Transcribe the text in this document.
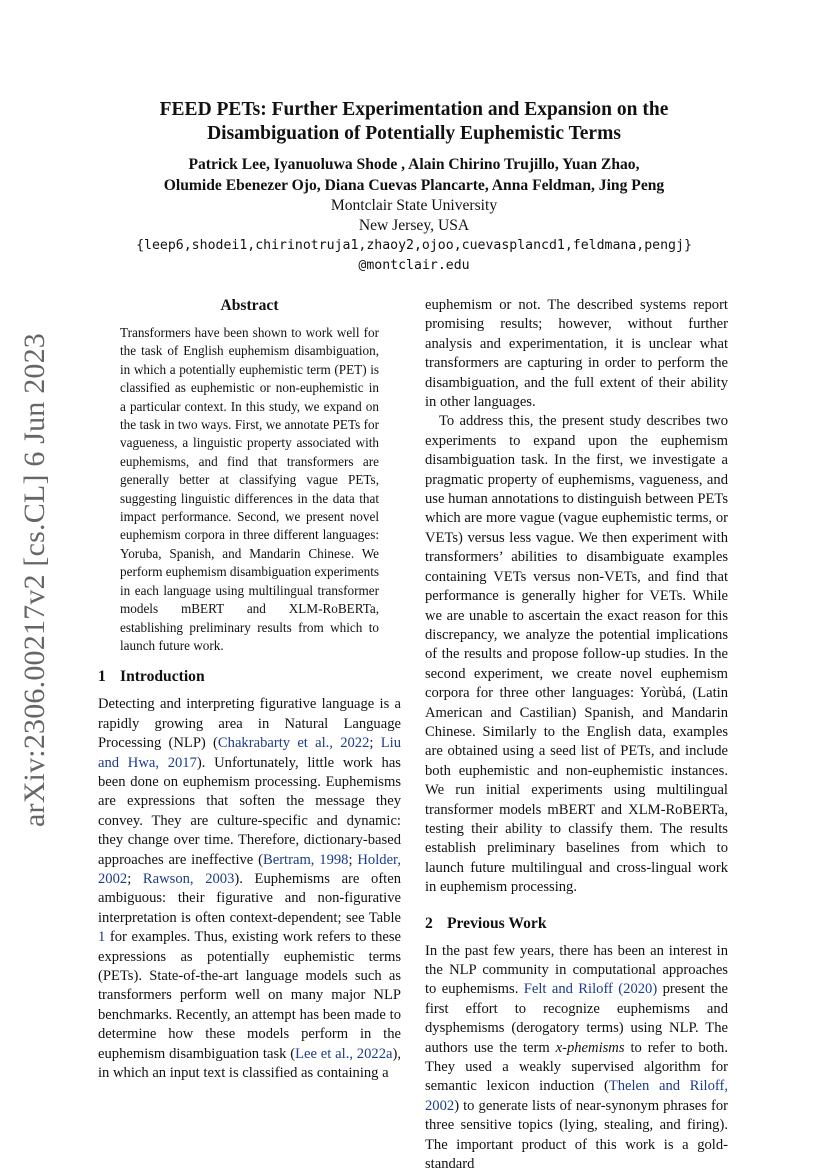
arXiv:2306.00217v2 [cs.CL] 6 Jun 2023
FEED PETs: Further Experimentation and Expansion on the
Disambiguation of Potentially Euphemistic Terms
Patrick Lee, Iyanuoluwa Shode , Alain Chirino Trujillo, Yuan Zhao,
Olumide Ebenezer Ojo, Diana Cuevas Plancarte, Anna Feldman, Jing Peng
Montclair State University
New Jersey, USA
{leep6,shodei1,chirinotruja1,zhaoy2,ojoo,cuevasplancd1,feldmana,pengj}
@montclair.edu
Abstract
Transformers have been shown to work well for the task of English euphemism disambiguation, in which a potentially euphemistic term (PET) is classified as euphemistic or non-euphemistic in a particular context. In this study, we expand on the task in two ways. First, we annotate PETs for vagueness, a linguistic property associated with euphemisms, and find that transformers are generally better at classifying vague PETs, suggesting linguistic differences in the data that impact performance. Second, we present novel euphemism corpora in three different languages: Yoruba, Spanish, and Mandarin Chinese. We perform euphemism disambiguation experiments in each language using multilingual transformer models mBERT and XLM-RoBERTa, establishing preliminary results from which to launch future work.
1 Introduction

Detecting and interpreting figurative language is a rapidly growing area in Natural Language Processing (NLP) (Chakrabarty et al., 2022; Liu and Hwa, 2017). Unfortunately, little work has been done on euphemism processing. Euphemisms are expressions that soften the message they convey. They are culture-specific and dynamic: they change over time. Therefore, dictionary-based approaches are ineffective (Bertram, 1998; Holder, 2002; Rawson, 2003). Euphemisms are often ambiguous: their figurative and non-figurative interpretation is often context-dependent; see Table 1 for examples. Thus, existing work refers to these expressions as potentially euphemistic terms (PETs). State-of-the-art language models such as transformers perform well on many major NLP benchmarks. Recently, an attempt has been made to determine how these models perform in the euphemism disambiguation task (Lee et al., 2022a), in which an input text is classified as containing a

euphemism or not. The described systems report promising results; however, without further analysis and experimentation, it is unclear what transformers are capturing in order to perform the disambiguation, and the full extent of their ability in other languages.

To address this, the present study describes two experiments to expand upon the euphemism disambiguation task. In the first, we investigate a pragmatic property of euphemisms, vagueness, and use human annotations to distinguish between PETs which are more vague (vague euphemistic terms, or VETs) versus less vague. We then experiment with transformers’ abilities to disambiguate examples containing VETs versus non-VETs, and find that performance is generally higher for VETs. While we are unable to ascertain the exact reason for this discrepancy, we analyze the potential implications of the results and propose follow-up studies. In the second experiment, we create novel euphemism corpora for three other languages: Yorùbá, (Latin American and Castilian) Spanish, and Mandarin Chinese. Similarly to the English data, examples are obtained using a seed list of PETs, and include both euphemistic and non-euphemistic instances. We run initial experiments using multilingual transformer models mBERT and XLM-RoBERTa, testing their ability to classify them. The results establish preliminary baselines from which to launch future multilingual and cross-lingual work in euphemism processing.

2 Previous Work

In the past few years, there has been an interest in the NLP community in computational approaches to euphemisms. Felt and Riloff (2020) present the first effort to recognize euphemisms and dysphemisms (derogatory terms) using NLP. The authors use the term x-phemisms to refer to both. They used a weakly supervised algorithm for semantic lexicon induction (Thelen and Riloff, 2002) to generate lists of near-synonym phrases for three sensitive topics (lying, stealing, and firing). The important product of this work is a gold-standard
